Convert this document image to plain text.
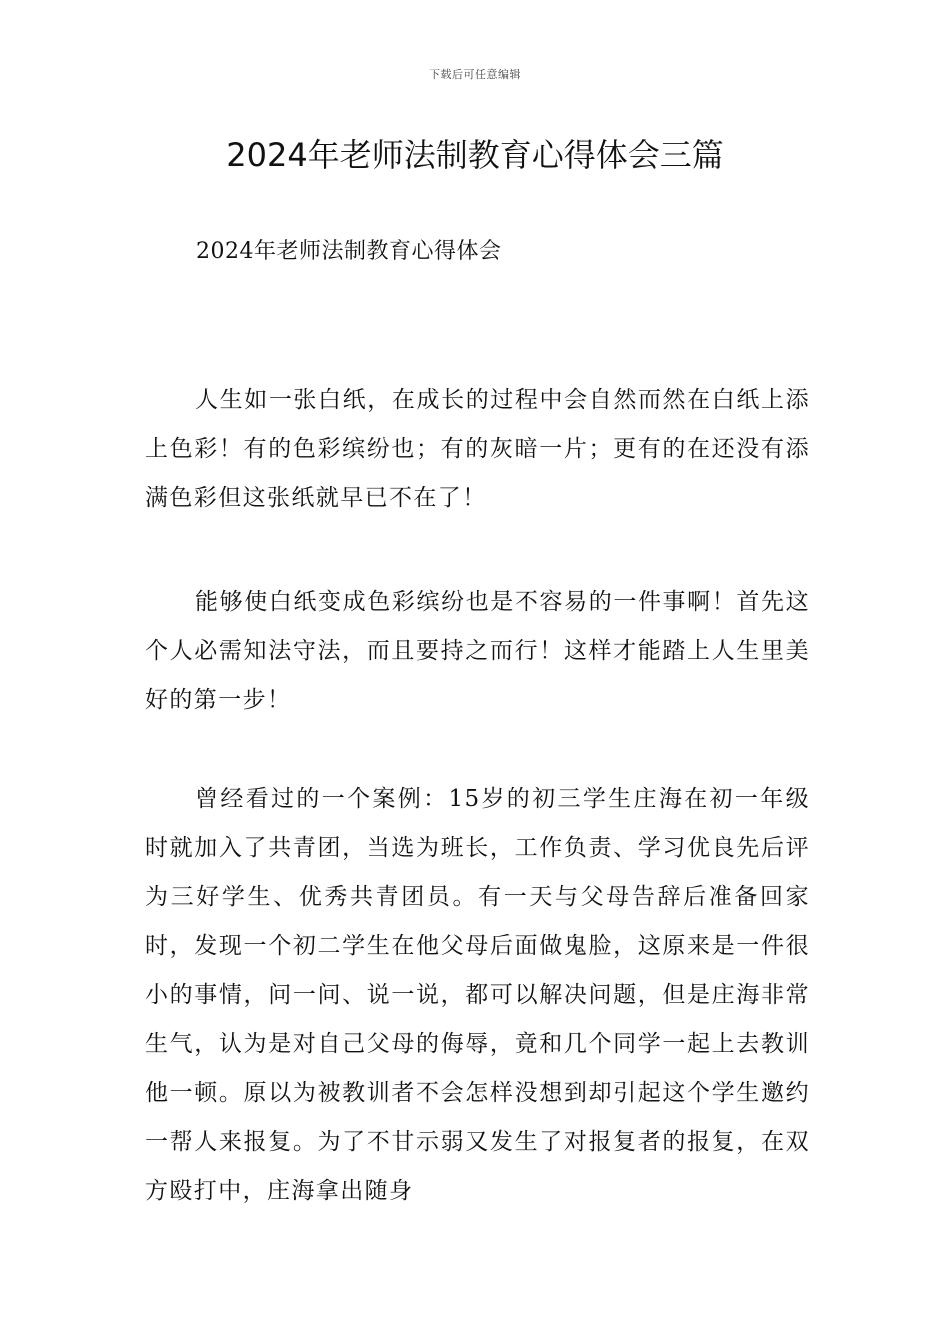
下载后可任意编辑
2024年老师法制教育心得体会三篇

2024年老师法制教育心得体会

人生如一张白纸，在成长的过程中会自然而然在白纸上添上色彩！有的色彩缤纷也；有的灰暗一片；更有的在还没有添满色彩但这张纸就早已不在了！

能够使白纸变成色彩缤纷也是不容易的一件事啊！首先这个人必需知法守法，而且要持之而行！这样才能踏上人生里美好的第一步！

曾经看过的一个案例：15岁的初三学生庄海在初一年级时就加入了共青团，当选为班长，工作负责、学习优良先后评为三好学生、优秀共青团员。有一天与父母告辞后准备回家时，发现一个初二学生在他父母后面做鬼脸，这原来是一件很小的事情，问一问、说一说，都可以解决问题，但是庄海非常生气，认为是对自己父母的侮辱，竟和几个同学一起上去教训他一顿。原以为被教训者不会怎样没想到却引起这个学生邀约一帮人来报复。为了不甘示弱又发生了对报复者的报复，在双方殴打中，庄海拿出随身
